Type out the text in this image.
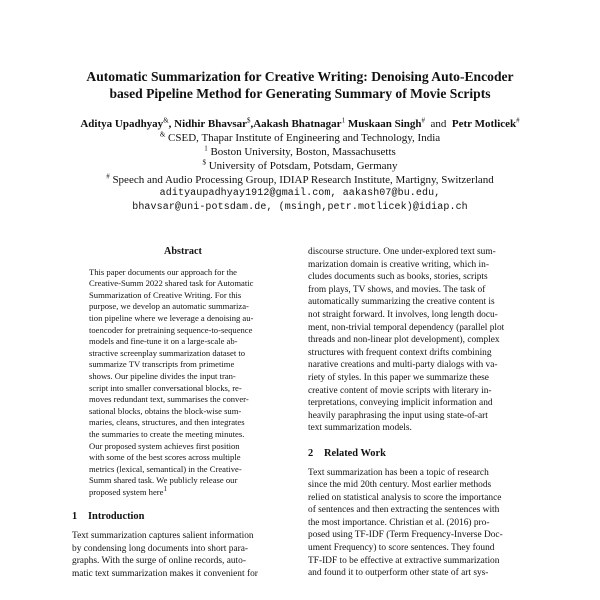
Automatic Summarization for Creative Writing: Denoising Auto-Encoder
based Pipeline Method for Generating Summary of Movie Scripts
Aditya Upadhyay&, Nidhir Bhavsar$,Aakash Bhatnagar$^1$ Muskaan Singh# and Petr Motlicek#
& CSED, Thapar Institute of Engineering and Technology, India
$^1$ Boston University, Boston, Massachusetts
$ University of Potsdam, Potsdam, Germany
# Speech and Audio Processing Group, IDIAP Research Institute, Martigny, Switzerland
adityaupadhyay1912@gmail.com, aakash07@bu.edu,
bhavsar@uni-potsdam.de, (msingh,petr.motlicek)@idiap.ch
Abstract
This paper documents our approach for the
Creative-Summ 2022 shared task for Automatic
Summarization of Creative Writing. For this
purpose, we develop an automatic summariza-
tion pipeline where we leverage a denoising au-
toencoder for pretraining sequence-to-sequence
models and fine-tune it on a large-scale ab-
stractive screenplay summarization dataset to
summarize TV transcripts from primetime
shows. Our pipeline divides the input tran-
script into smaller conversational blocks, re-
moves redundant text, summarises the conver-
sational blocks, obtains the block-wise sum-
maries, cleans, structures, and then integrates
the summaries to create the meeting minutes.
Our proposed system achieves first position
with some of the best scores across multiple
metrics (lexical, semantical) in the Creative-
Summ shared task. We publicly release our
proposed system here$^1$
1 Introduction
Text summarization captures salient information
by condensing long documents into short para-
graphs. With the surge of online records, auto-
matic text summarization makes it convenient for
discourse structure. One under-explored text sum-
marization domain is creative writing, which in-
cludes documents such as books, stories, scripts
from plays, TV shows, and movies. The task of
automatically summarizing the creative content is
not straight forward. It involves, long length docu-
ment, non-trivial temporal dependency (parallel plot
threads and non-linear plot development), complex
structures with frequent context drifts combining
narative creations and multi-party dialogs with va-
riety of styles. In this paper we summarize these
creative content of movie scripts with literary in-
terpretations, conveying implicit information and
heavily paraphrasing the input using state-of-art
text summarization models.
2 Related Work
Text summarization has been a topic of research
since the mid 20th century. Most earlier methods
relied on statistical analysis to score the importance
of sentences and then extracting the sentences with
the most importance. Christian et al. (2016) pro-
posed using TF-IDF (Term Frequency-Inverse Doc-
ument Frequency) to score sentences. They found
TF-IDF to be effective at extractive summarization
and found it to outperform other state of art sys-
